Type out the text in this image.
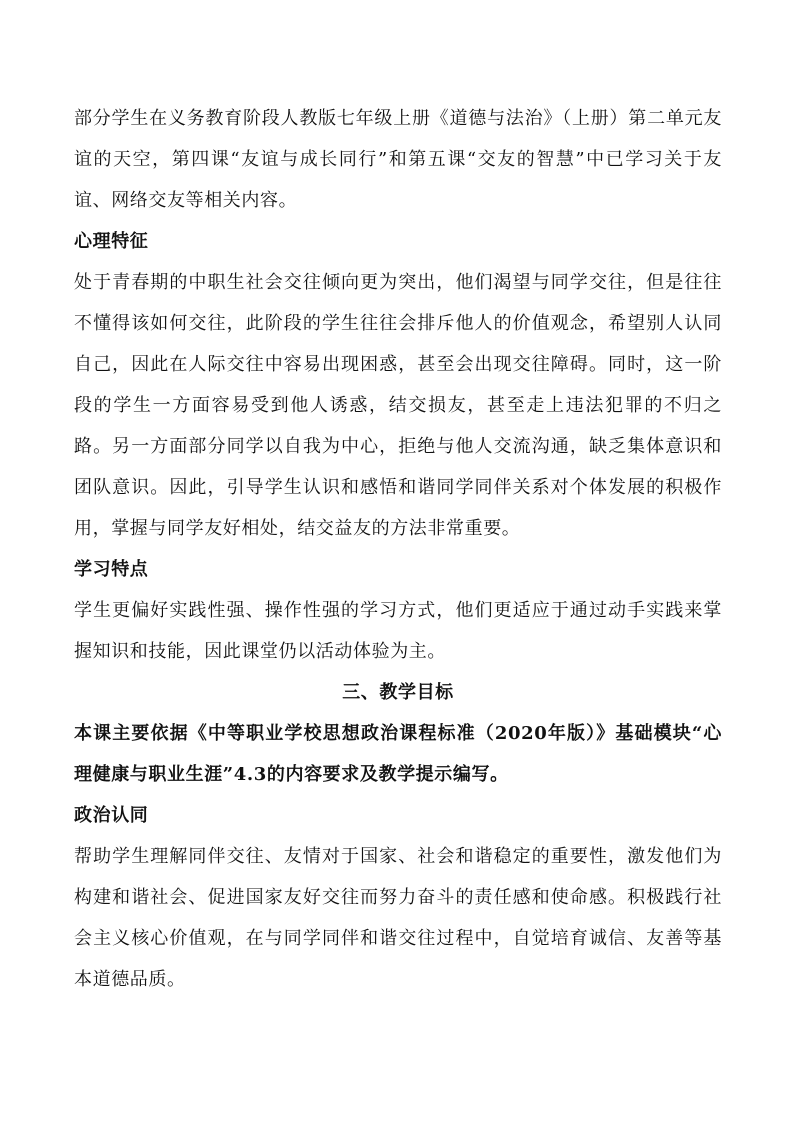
部分学生在义务教育阶段人教版七年级上册《道德与法治》（上册）第二单元友谊的天空，第四课“友谊与成长同行”和第五课“交友的智慧”中已学习关于友谊、网络交友等相关内容。

心理特征

处于青春期的中职生社会交往倾向更为突出，他们渴望与同学交往，但是往往不懂得该如何交往，此阶段的学生往往会排斥他人的价值观念，希望别人认同自己，因此在人际交往中容易出现困惑，甚至会出现交往障碍。同时，这一阶段的学生一方面容易受到他人诱惑，结交损友，甚至走上违法犯罪的不归之路。另一方面部分同学以自我为中心，拒绝与他人交流沟通，缺乏集体意识和团队意识。因此，引导学生认识和感悟和谐同学同伴关系对个体发展的积极作用，掌握与同学友好相处，结交益友的方法非常重要。

学习特点

学生更偏好实践性强、操作性强的学习方式，他们更适应于通过动手实践来掌握知识和技能，因此课堂仍以活动体验为主。

三、教学目标

本课主要依据《中等职业学校思想政治课程标准（2020年版）》基础模块“心理健康与职业生涯”4.3的内容要求及教学提示编写。

政治认同

帮助学生理解同伴交往、友情对于国家、社会和谐稳定的重要性，激发他们为构建和谐社会、促进国家友好交往而努力奋斗的责任感和使命感。积极践行社会主义核心价值观，在与同学同伴和谐交往过程中，自觉培育诚信、友善等基本道德品质。
